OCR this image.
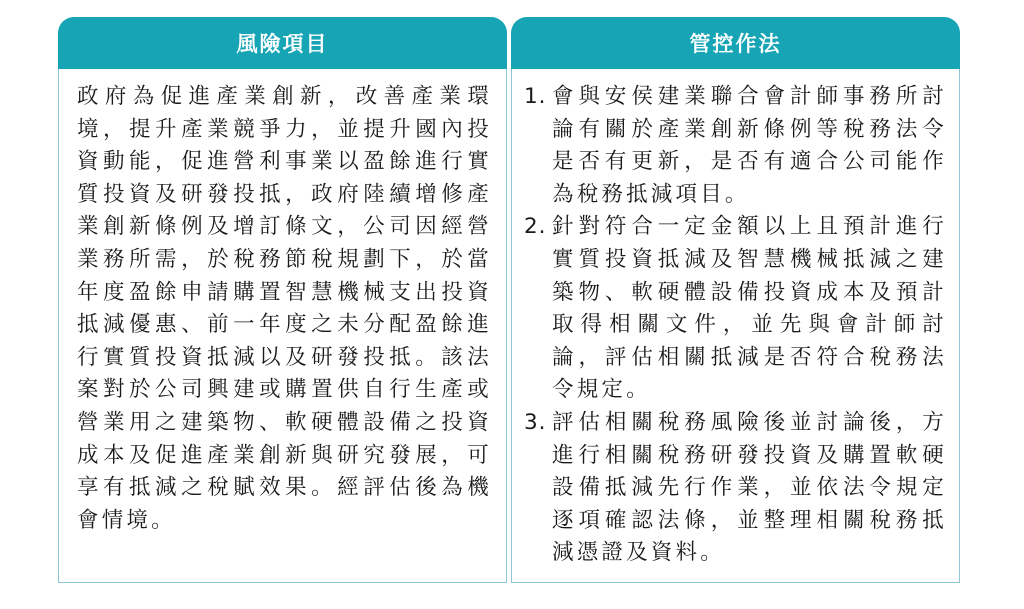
風險項目

政府為促進產業創新，改善產業環境，提升產業競爭力，並提升國內投資動能，促進營利事業以盈餘進行實質投資及研發投抵，政府陸續增修產業創新條例及增訂條文，公司因經營業務所需，於稅務節稅規劃下，於當年度盈餘申請購置智慧機械支出投資抵減優惠、前一年度之未分配盈餘進行實質投資抵減以及研發投抵。該法案對於公司興建或購置供自行生產或營業用之建築物、軟硬體設備之投資成本及促進產業創新與研究發展，可享有抵減之稅賦效果。經評估後為機會情境。

管控作法
1. 會與安侯建業聯合會計師事務所討論有關於產業創新條例等稅務法令是否有更新，是否有適合公司能作為稅務抵減項目。
2. 針對符合一定金額以上且預計進行實質投資抵減及智慧機械抵減之建築物、軟硬體設備投資成本及預計取得相關文件，並先與會計師討論，評估相關抵減是否符合稅務法令規定。
3. 評估相關稅務風險後並討論後，方進行相關稅務研發投資及購置軟硬設備抵減先行作業，並依法令規定逐項確認法條，並整理相關稅務抵減憑證及資料。
